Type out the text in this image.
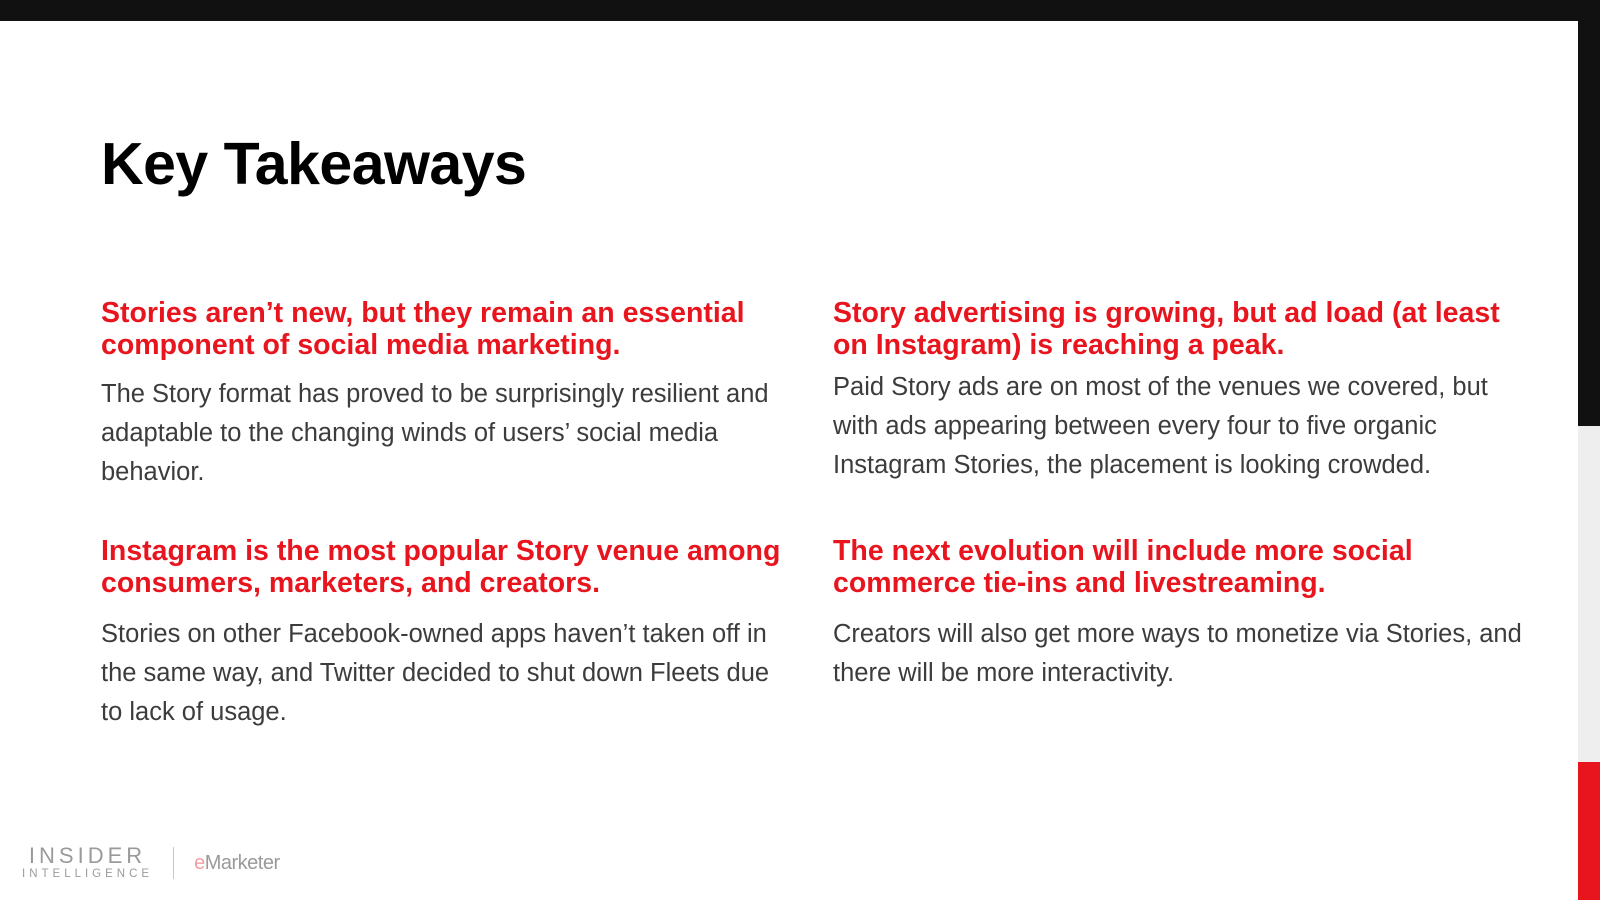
Key Takeaways
Stories aren’t new, but they remain an essential component of social media marketing.

The Story format has proved to be surprisingly resilient and adaptable to the changing winds of users’ social media behavior.

Story advertising is growing, but ad load (at least on Instagram) is reaching a peak.

Paid Story ads are on most of the venues we covered, but with ads appearing between every four to five organic Instagram Stories, the placement is looking crowded.

Instagram is the most popular Story venue among consumers, marketers, and creators.

Stories on other Facebook-owned apps haven’t taken off in the same way, and Twitter decided to shut down Fleets due to lack of usage.

The next evolution will include more social commerce tie-ins and livestreaming.

Creators will also get more ways to monetize via Stories, and there will be more interactivity.

INSIDER
INTELLIGENCE
eMarketer
